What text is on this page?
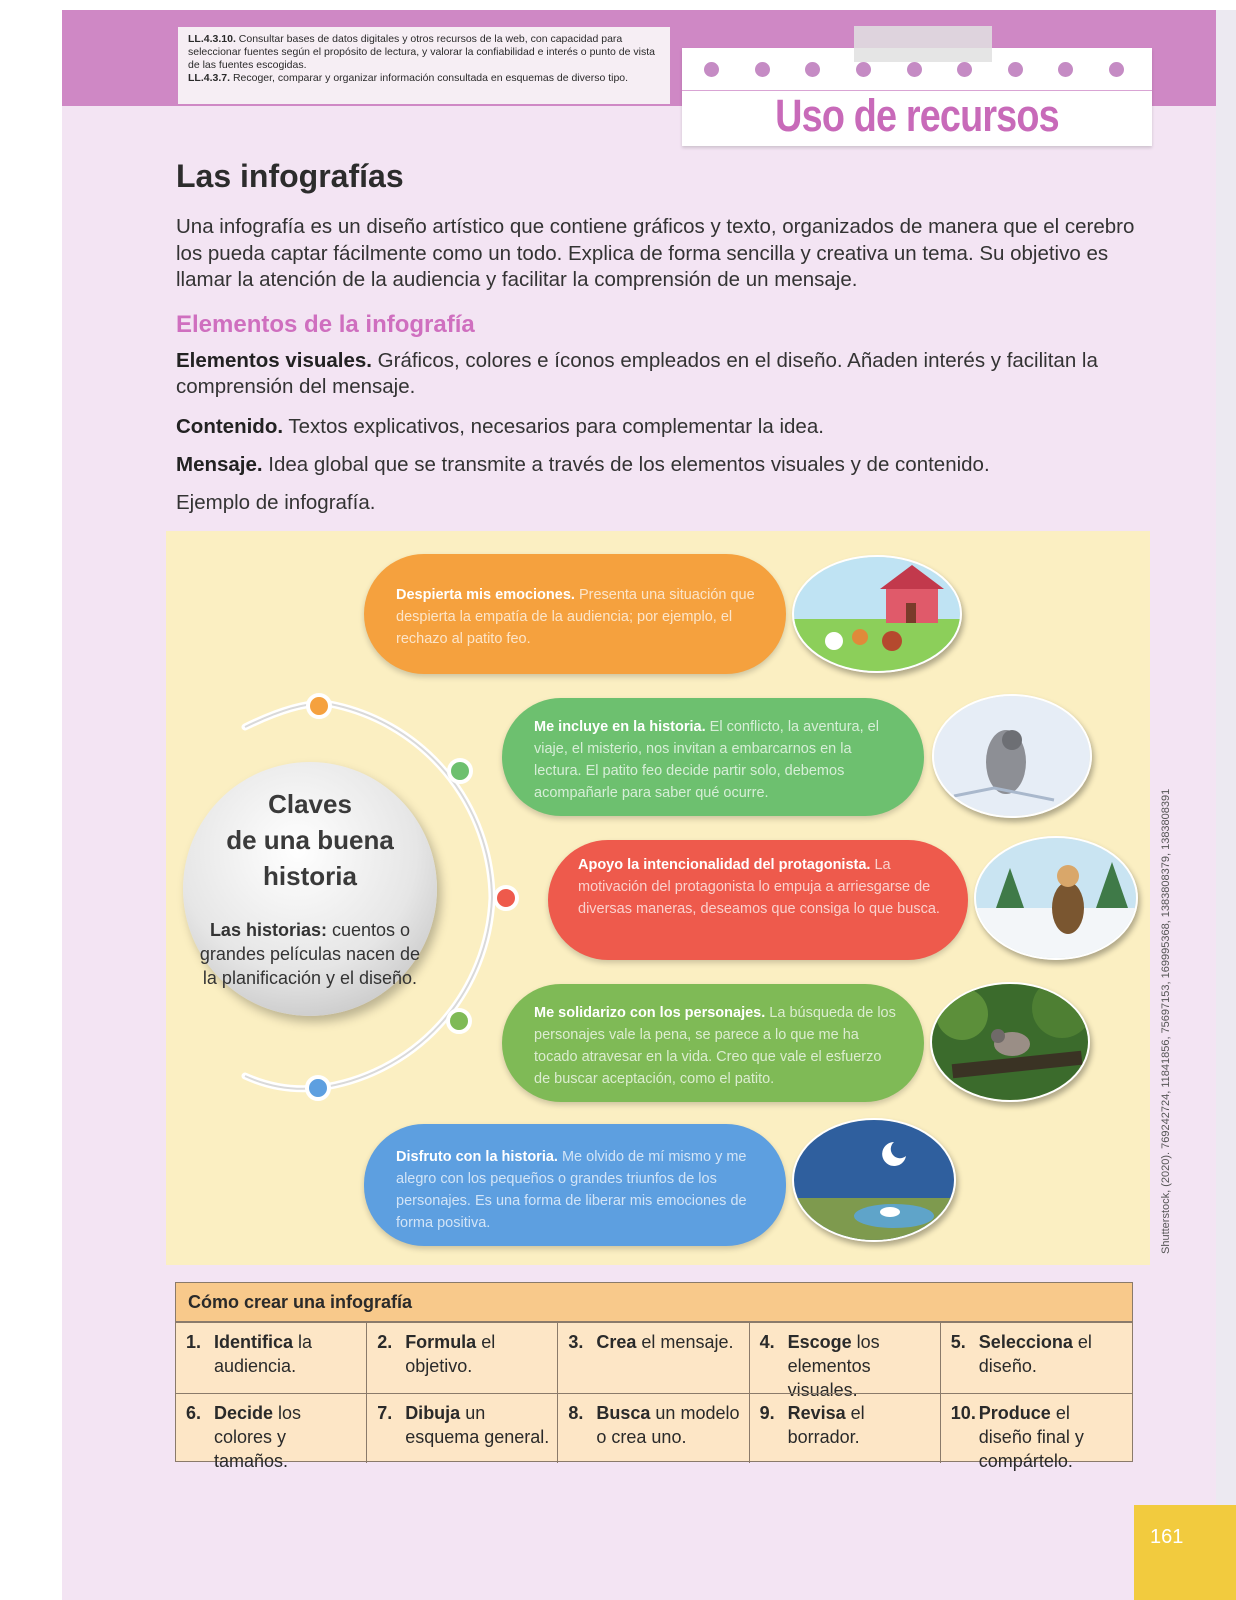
LL.4.3.10. Consultar bases de datos digitales y otros recursos de la web, con capacidad para seleccionar fuentes según el propósito de lectura, y valorar la confiabilidad e interés o punto de vista de las fuentes escogidas.

LL.4.3.7. Recoger, comparar y organizar información consultada en esquemas de diverso tipo.

Uso de recursos
Las infografías

Una infografía es un diseño artístico que contiene gráficos y texto, organizados de manera que el cerebro los pueda captar fácilmente como un todo. Explica de forma sencilla y creativa un tema. Su objetivo es llamar la atención de la audiencia y facilitar la comprensión de un mensaje.

Elementos de la infografía

Elementos visuales. Gráficos, colores e íconos empleados en el diseño. Añaden interés y facilitan la comprensión del mensaje.

Contenido. Textos explicativos, necesarios para complementar la idea.

Mensaje. Idea global que se transmite a través de los elementos visuales y de contenido.

Ejemplo de infografía.

Claves
de una buena
historia

Las historias: cuentos o grandes películas nacen de la planificación y el diseño.

Despierta mis emociones. Presenta una situación que despierta la empatía de la audiencia; por ejemplo, el rechazo al patito feo.
Me incluye en la historia. El conflicto, la aventura, el viaje, el misterio, nos invitan a embarcarnos en la lectura. El patito feo decide partir solo, debemos acompañarle para saber qué ocurre.
Apoyo la intencionalidad del protagonista. La motivación del protagonista lo empuja a arriesgarse de diversas maneras, deseamos que consiga lo que busca.
Me solidarizo con los personajes. La búsqueda de los personajes vale la pena, se parece a lo que me ha tocado atravesar en la vida. Creo que vale el esfuerzo de buscar aceptación, como el patito.
Disfruto con la historia. Me olvido de mí mismo y me alegro con los pequeños o grandes triunfos de los personajes. Es una forma de liberar mis emociones de forma positiva.	Shutterstock, (2020). 769242724, 11841856, 75697153, 169995368, 1383808379, 1383808391
Cómo crear una infografía
1. Identifica la audiencia.
2. Formula el objetivo.
3. Crea el mensaje. 4. Escoge los elementos visuales.
5. Selecciona el diseño.
6. Decide los colores y tamaños.
7. Dibuja un esquema general.
8. Busca un modelo o crea uno.
9. Revisa el borrador.
10. Produce el diseño final y compártelo.
161
